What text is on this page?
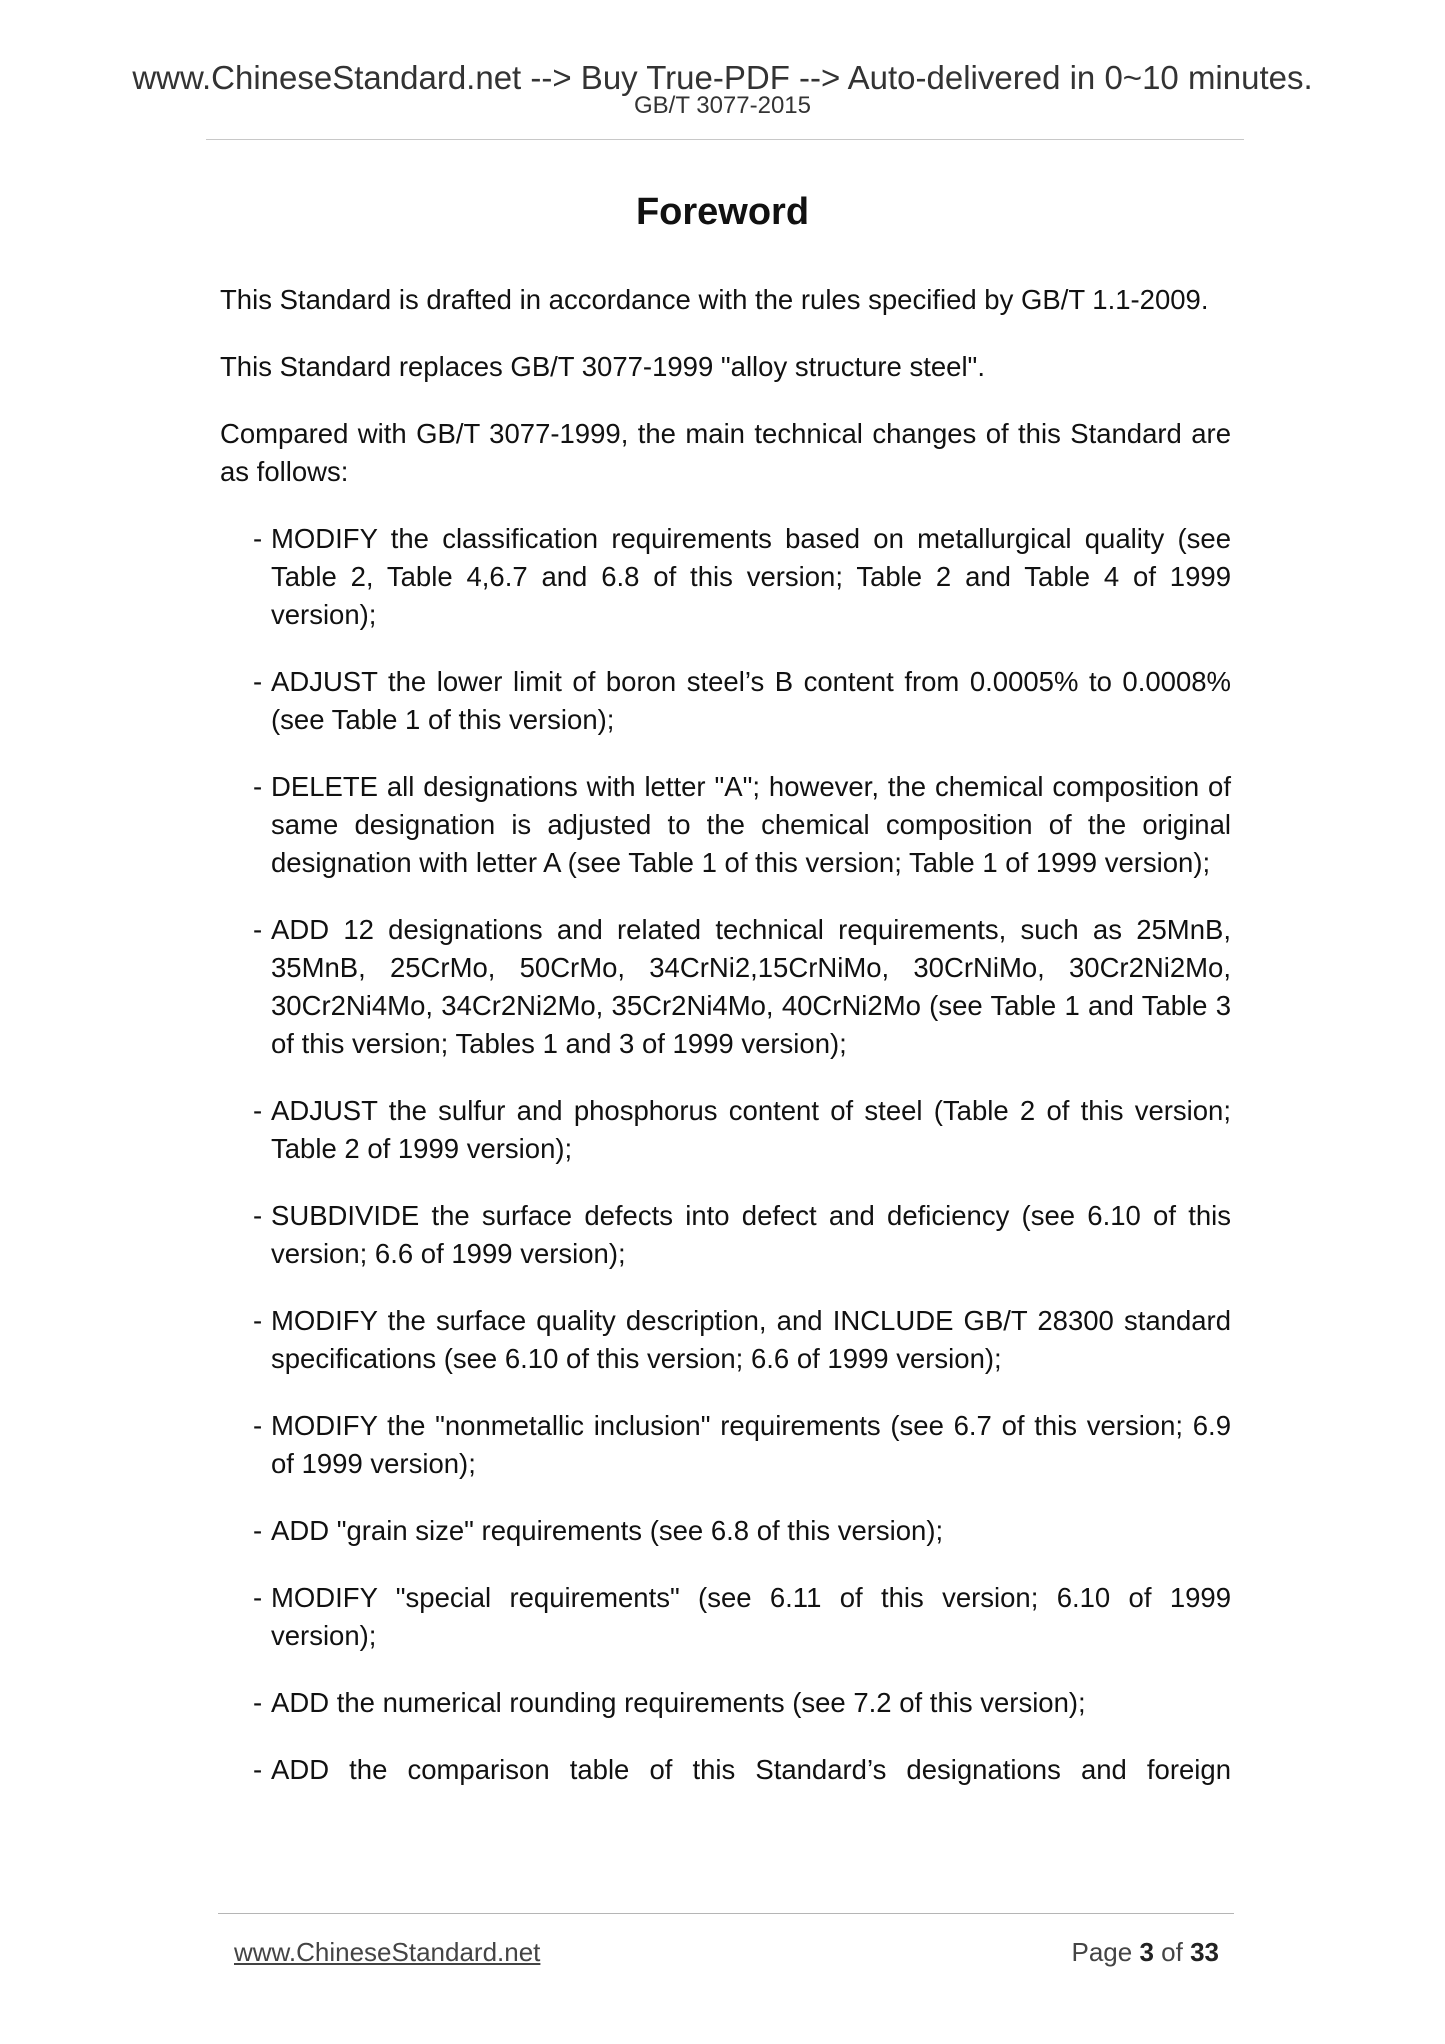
www.ChineseStandard.net --> Buy True-PDF --> Auto-delivered in 0~10 minutes.
GB/T 3077-2015
Foreword

This Standard is drafted in accordance with the rules specified by GB/T 1.1-2009.

This Standard replaces GB/T 3077-1999 "alloy structure steel".

Compared with GB/T 3077-1999, the main technical changes of this Standard are as follows:

- MODIFY the classification requirements based on metallurgical quality (see Table 2, Table 4,6.7 and 6.8 of this version; Table 2 and Table 4 of 1999 version);
- ADJUST the lower limit of boron steel’s B content from 0.0005% to 0.0008% (see Table 1 of this version);
- DELETE all designations with letter "A"; however, the chemical composition of same designation is adjusted to the chemical composition of the original designation with letter A (see Table 1 of this version; Table 1 of 1999 version);
- ADD 12 designations and related technical requirements, such as 25MnB, 35MnB, 25CrMo, 50CrMo, 34CrNi2,15CrNiMo, 30CrNiMo, 30Cr2Ni2Mo, 30Cr2Ni4Mo, 34Cr2Ni2Mo, 35Cr2Ni4Mo, 40CrNi2Mo (see Table 1 and Table 3 of this version; Tables 1 and 3 of 1999 version);
- ADJUST the sulfur and phosphorus content of steel (Table 2 of this version; Table 2 of 1999 version);
- SUBDIVIDE the surface defects into defect and deficiency (see 6.10 of this version; 6.6 of 1999 version);
- MODIFY the surface quality description, and INCLUDE GB/T 28300 standard specifications (see 6.10 of this version; 6.6 of 1999 version);
- MODIFY the "nonmetallic inclusion" requirements (see 6.7 of this version; 6.9 of 1999 version);
- ADD "grain size" requirements (see 6.8 of this version);
- MODIFY "special requirements" (see 6.11 of this version; 6.10 of 1999 version);
- ADD the numerical rounding requirements (see 7.2 of this version);
- ADD the comparison table of this Standard’s designations and foreign
www.ChineseStandard.net	Page 3 of 33
